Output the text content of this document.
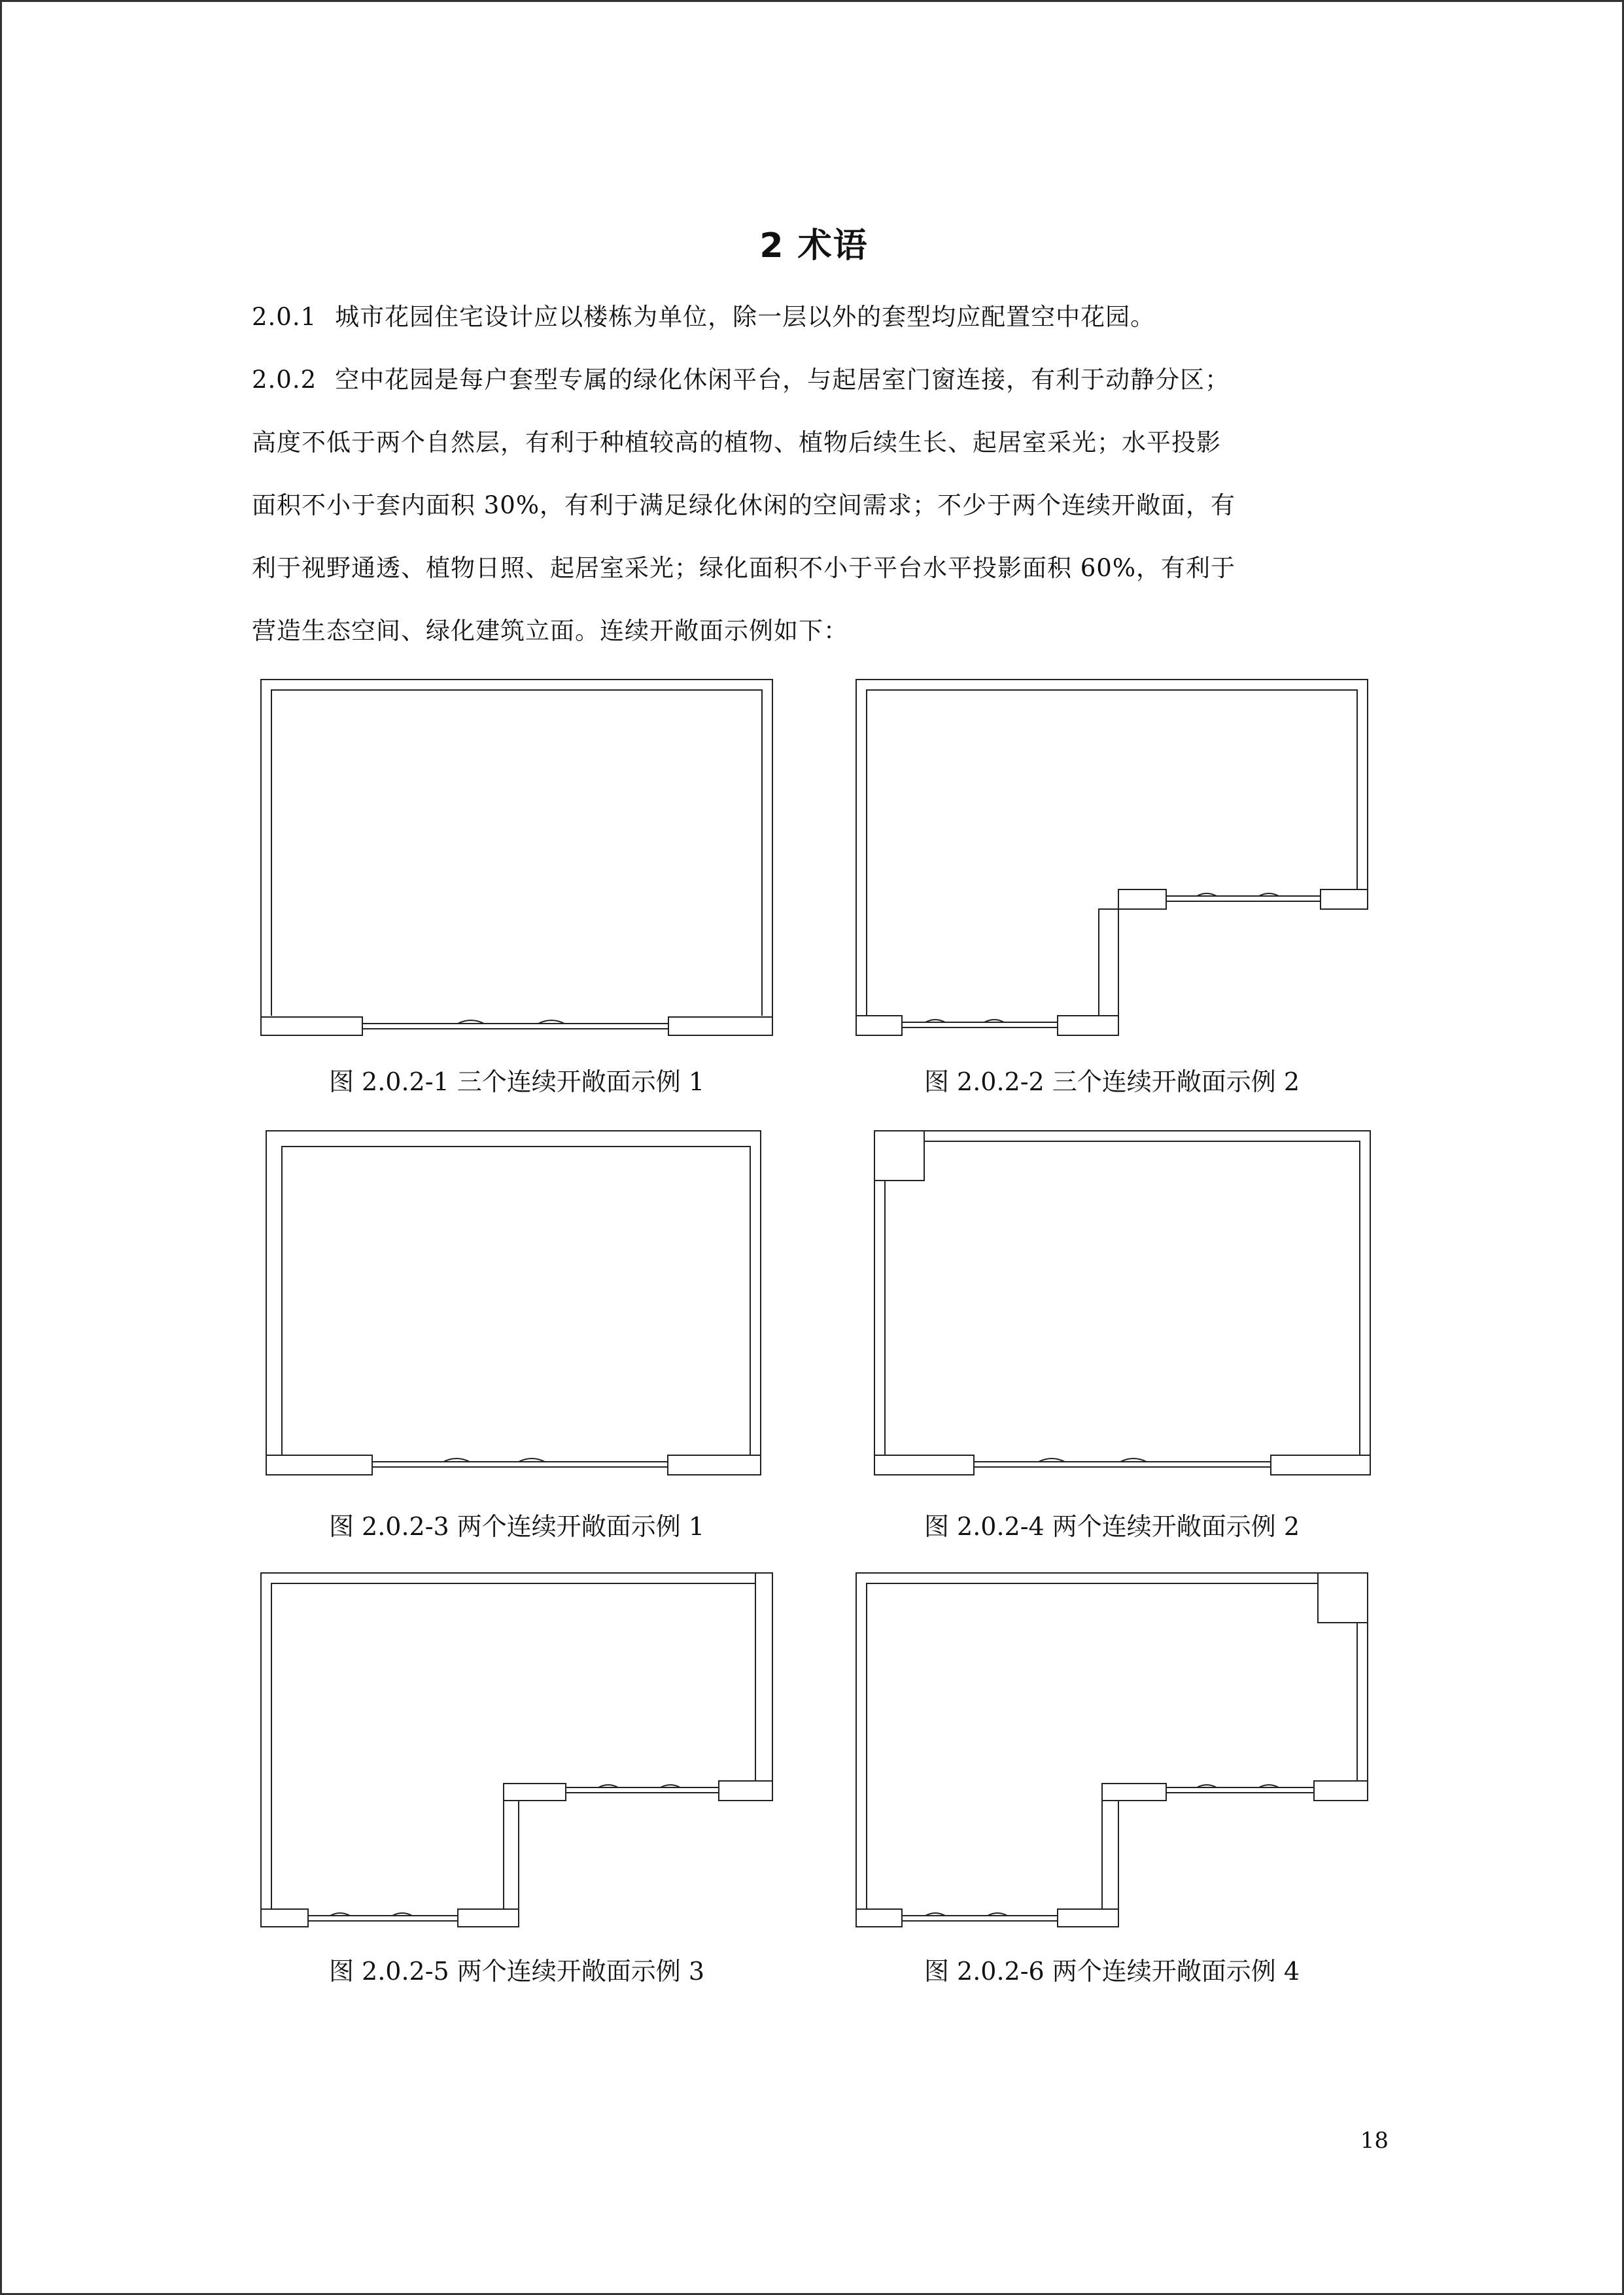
2 术语
2.0.1 城市花园住宅设计应以楼栋为单位，除一层以外的套型均应配置空中花园。
2.0.2 空中花园是每户套型专属的绿化休闲平台，与起居室门窗连接，有利于动静分区；
高度不低于两个自然层，有利于种植较高的植物、植物后续生长、起居室采光；水平投影
面积不小于套内面积 30%，有利于满足绿化休闲的空间需求；不少于两个连续开敞面，有
利于视野通透、植物日照、起居室采光；绿化面积不小于平台水平投影面积 60%，有利于
营造生态空间、绿化建筑立面。连续开敞面示例如下：
图 2.0.2-1 三个连续开敞面示例 1	图 2.0.2-2 三个连续开敞面示例 2
图 2.0.2-3 两个连续开敞面示例 1	图 2.0.2-4 两个连续开敞面示例 2
图 2.0.2-5 两个连续开敞面示例 3	图 2.0.2-6 两个连续开敞面示例 4
18
